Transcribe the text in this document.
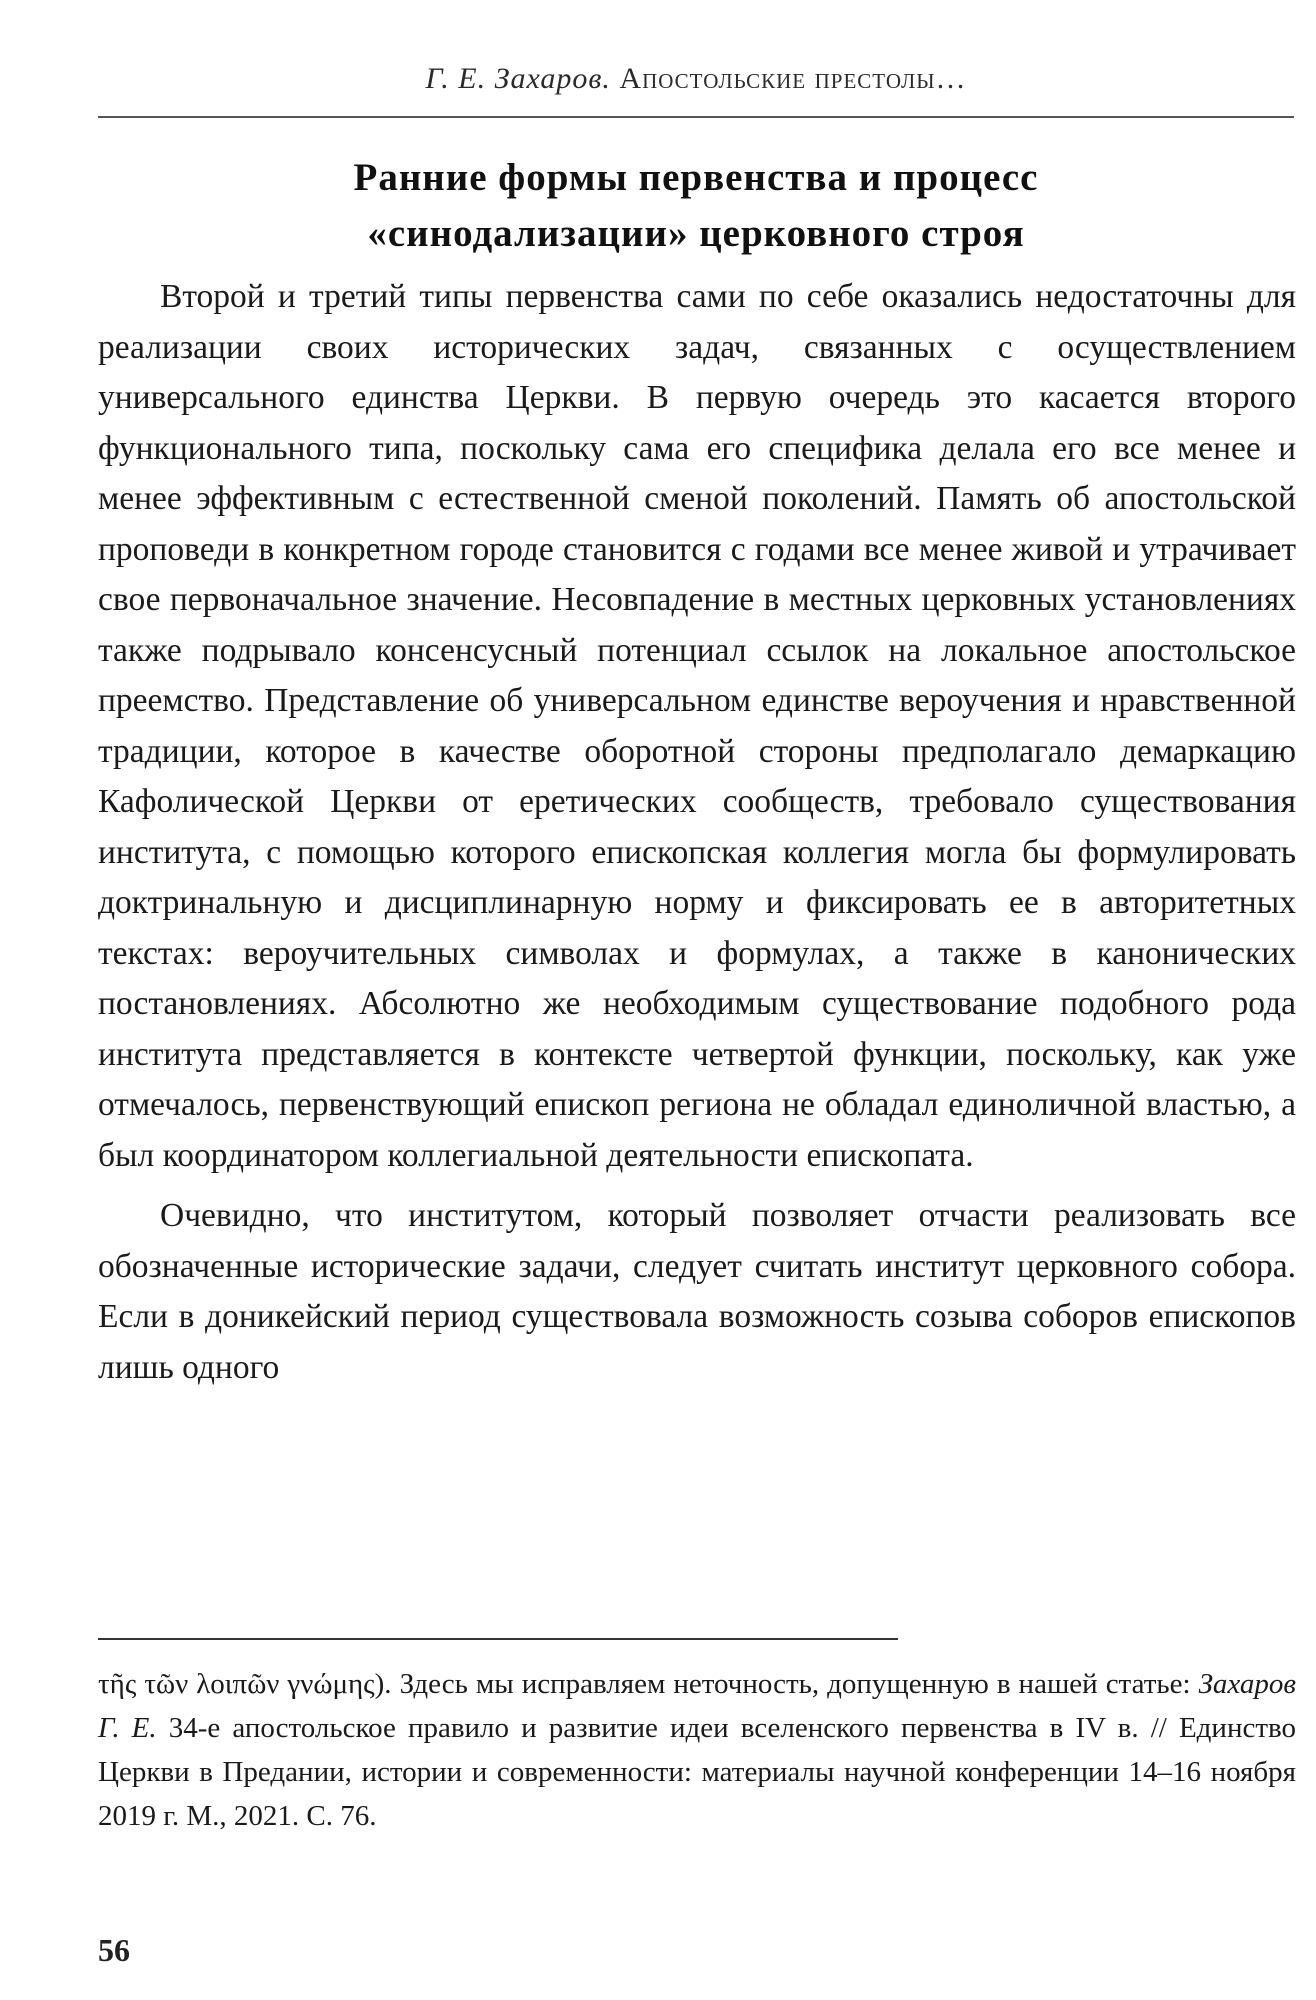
Г. Е. Захаров. Апостольские престолы…
Ранние формы первенства и процесс
«синодализации» церковного строя

Второй и третий типы первенства сами по себе оказались недостаточны для реализации своих исторических задач, связанных с осуществлением универсального единства Церкви. В первую очередь это касается второго функционального типа, поскольку сама его специфика делала его все менее и менее эффективным с естественной сменой поколений. Память об апостольской проповеди в конкретном городе становится с годами все менее живой и утрачивает свое первоначальное значение. Несовпадение в местных церковных установлениях также подрывало консенсусный потенциал ссылок на локальное апостольское преемство. Представление об универсальном единстве вероучения и нравственной традиции, которое в качестве оборотной стороны предполагало демаркацию Кафолической Церкви от еретических сообществ, требовало существования института, с помощью которого епископская коллегия могла бы формулировать доктринальную и дисциплинарную норму и фиксировать ее в авторитетных текстах: вероучительных символах и формулах, а также в канонических постановлениях. Абсолютно же необходимым существование подобного рода института представляется в контексте четвертой функции, поскольку, как уже отмечалось, первенствующий епископ региона не обладал единоличной властью, а был координатором коллегиальной деятельности епископата.

Очевидно, что институтом, который позволяет отчасти реализовать все обозначенные исторические задачи, следует считать институт церковного собора. Если в доникейский период существовала возможность созыва соборов епископов лишь одного

τῆς τῶν λοιπῶν γνώμης). Здесь мы исправляем неточность, допущенную в нашей статье: Захаров Г. Е. 34-е апостольское правило и развитие идеи вселенского первенства в IV в. // Единство Церкви в Предании, истории и современности: материалы научной конференции 14–16 ноября 2019 г. М., 2021. С. 76.
56
